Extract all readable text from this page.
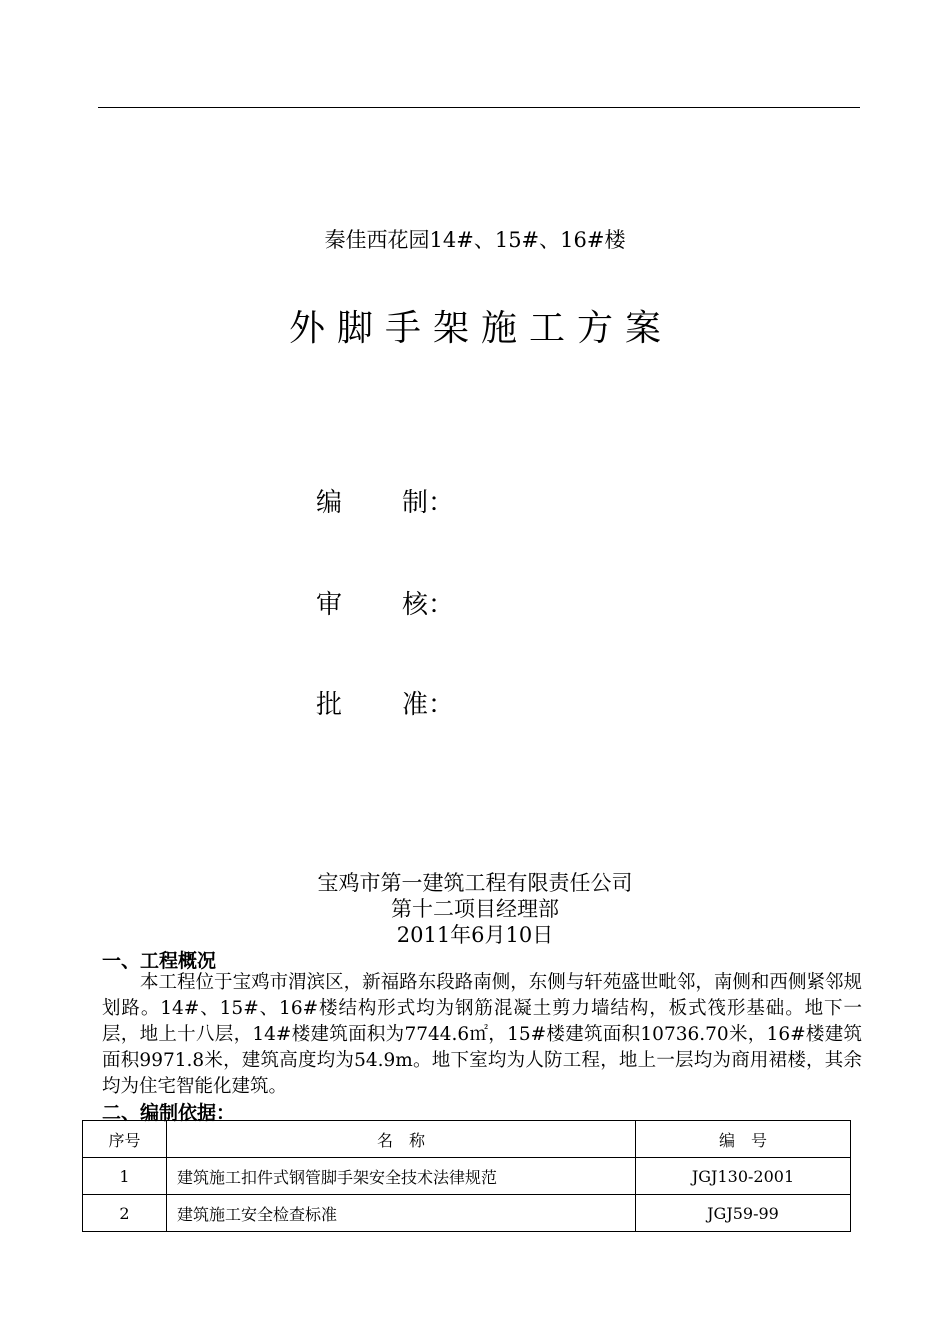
秦佳西花园14#、15#、16#楼
外脚手架施工方案
编 制：
审 核：
批 准：
宝鸡市第一建筑工程有限责任公司
第十二项目经理部
2011年6月10日
一、工程概况
本工程位于宝鸡市渭滨区，新福路东段路南侧，东侧与轩苑盛世毗邻，南侧和西侧紧邻规划路。14#、15#、16#楼结构形式均为钢筋混凝土剪力墙结构，板式筏形基础。地下一层，地上十八层，14#楼建筑面积为7744.6㎡，15#楼建筑面积10736.70米，16#楼建筑面积9971.8米，建筑高度均为54.9m。地下室均为人防工程，地上一层均为商用裙楼，其余均为住宅智能化建筑。
二、编制依据：
序号	名　称	编　号
1	建筑施工扣件式钢管脚手架安全技术法律规范	JGJ130-2001
2	建筑施工安全检查标准	JGJ59-99
